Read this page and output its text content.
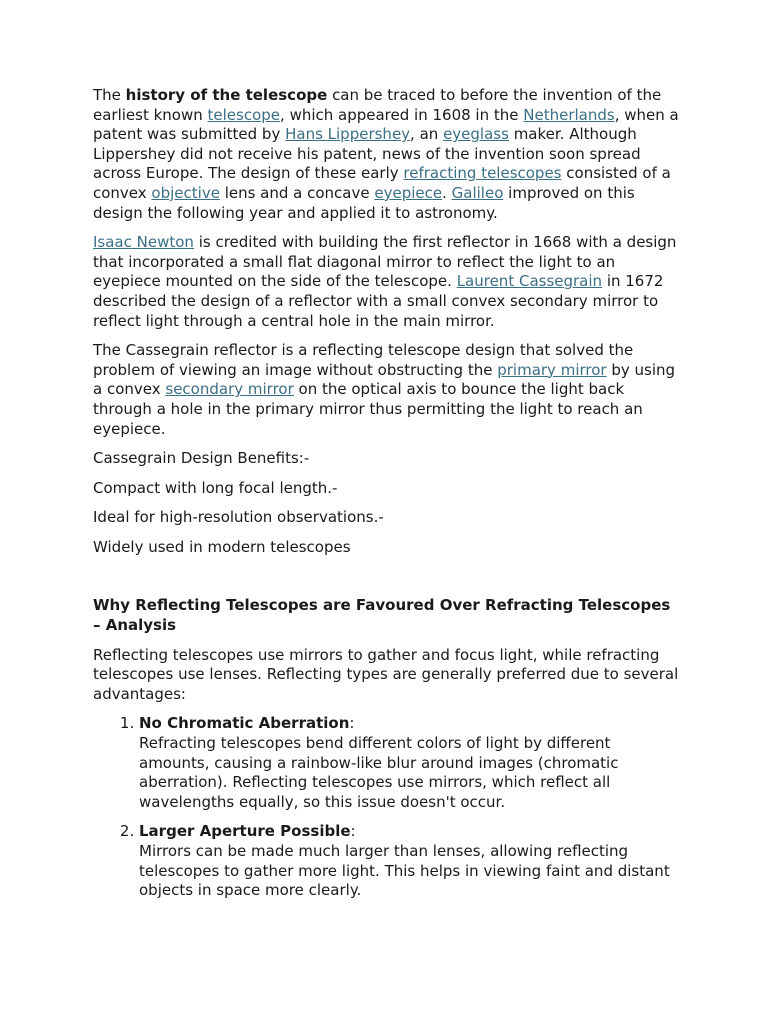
The history of the telescope can be traced to before the invention of the earliest known telescope, which appeared in 1608 in the Netherlands, when a patent was submitted by Hans Lippershey, an eyeglass maker. Although Lippershey did not receive his patent, news of the invention soon spread across Europe. The design of these early refracting telescopes consisted of a convex objective lens and a concave eyepiece. Galileo improved on this design the following year and applied it to astronomy.

Isaac Newton is credited with building the first reflector in 1668 with a design that incorporated a small flat diagonal mirror to reflect the light to an eyepiece mounted on the side of the telescope. Laurent Cassegrain in 1672 described the design of a reflector with a small convex secondary mirror to reflect light through a central hole in the main mirror.

The Cassegrain reflector is a reflecting telescope design that solved the problem of viewing an image without obstructing the primary mirror by using a convex secondary mirror on the optical axis to bounce the light back through a hole in the primary mirror thus permitting the light to reach an eyepiece.

Cassegrain Design Benefits:-

Compact with long focal length.-

Ideal for high-resolution observations.-

Widely used in modern telescopes

Why Reflecting Telescopes are Favoured Over Refracting Telescopes – Analysis

Reflecting telescopes use mirrors to gather and focus light, while refracting telescopes use lenses. Reflecting types are generally preferred due to several advantages:

1. No Chromatic Aberration:
Refracting telescopes bend different colors of light by different amounts, causing a rainbow-like blur around images (chromatic aberration). Reflecting telescopes use mirrors, which reflect all wavelengths equally, so this issue doesn't occur.
2. Larger Aperture Possible:
Mirrors can be made much larger than lenses, allowing reflecting telescopes to gather more light. This helps in viewing faint and distant objects in space more clearly.
